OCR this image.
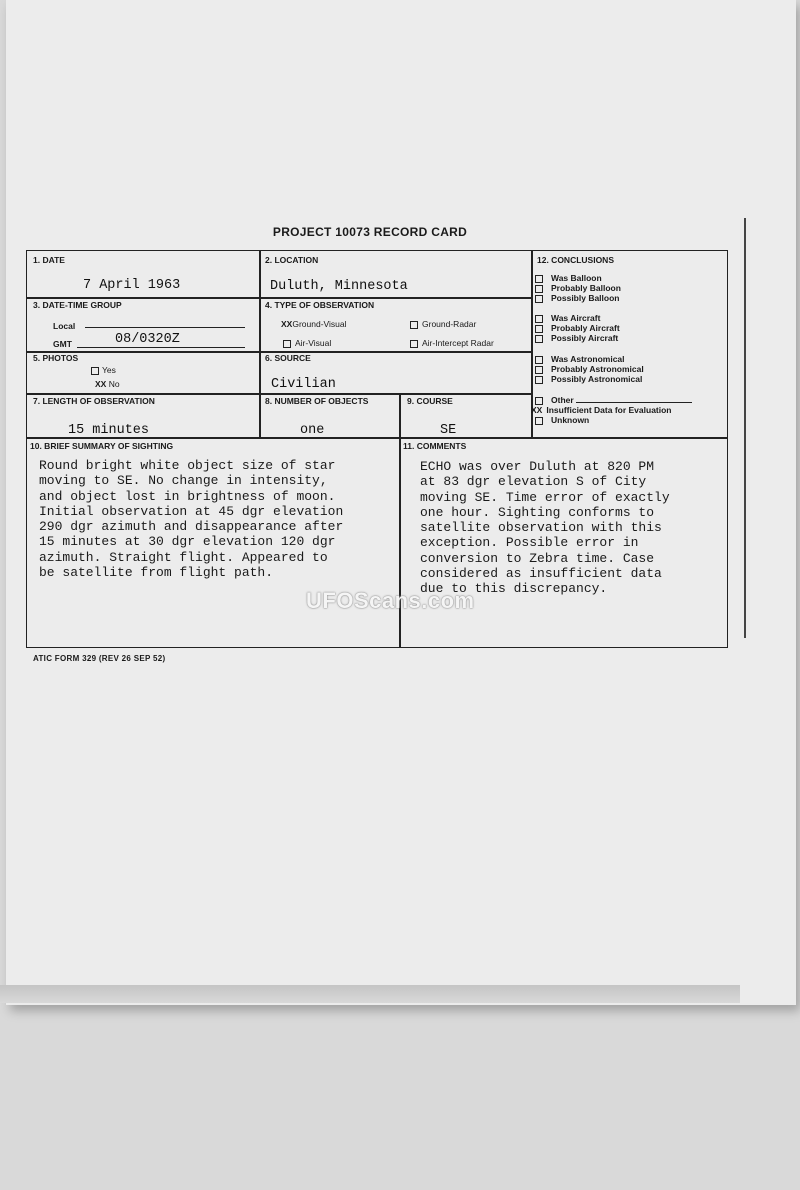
PROJECT 10073 RECORD CARD
1. DATE
7 April 1963
2. LOCATION
Duluth, Minnesota
3. DATE-TIME GROUP
Local
GMT	08/0320Z
4. TYPE OF OBSERVATION
XXGround-Visual	Ground-Radar
Air-Visual	Air-Intercept Radar
5. PHOTOS
Yes
XX No
6. SOURCE
Civilian
7. LENGTH OF OBSERVATION
15 minutes
8. NUMBER OF OBJECTS
one
9. COURSE
SE
10. BRIEF SUMMARY OF SIGHTING
Round bright white object size of star
moving to SE. No change in intensity,
and object lost in brightness of moon.
Initial observation at 45 dgr elevation
290 dgr azimuth and disappearance after
15 minutes at 30 dgr elevation 120 dgr
azimuth. Straight flight. Appeared to
be satellite from flight path.
11. COMMENTS
ECHO was over Duluth at 820 PM
at 83 dgr elevation S of City
moving SE. Time error of exactly
one hour. Sighting conforms to
satellite observation with this
exception. Possible error in
conversion to Zebra time. Case
considered as insufficient data
due to this discrepancy.
12. CONCLUSIONS
Was Balloon
Probably Balloon
Possibly Balloon
Was Aircraft
Probably Aircraft
Possibly Aircraft
Was Astronomical
Probably Astronomical
Possibly Astronomical
Other
XX Insufficient Data for Evaluation
Unknown
ATIC FORM 329 (REV 26 SEP 52)
UFOScans.com
